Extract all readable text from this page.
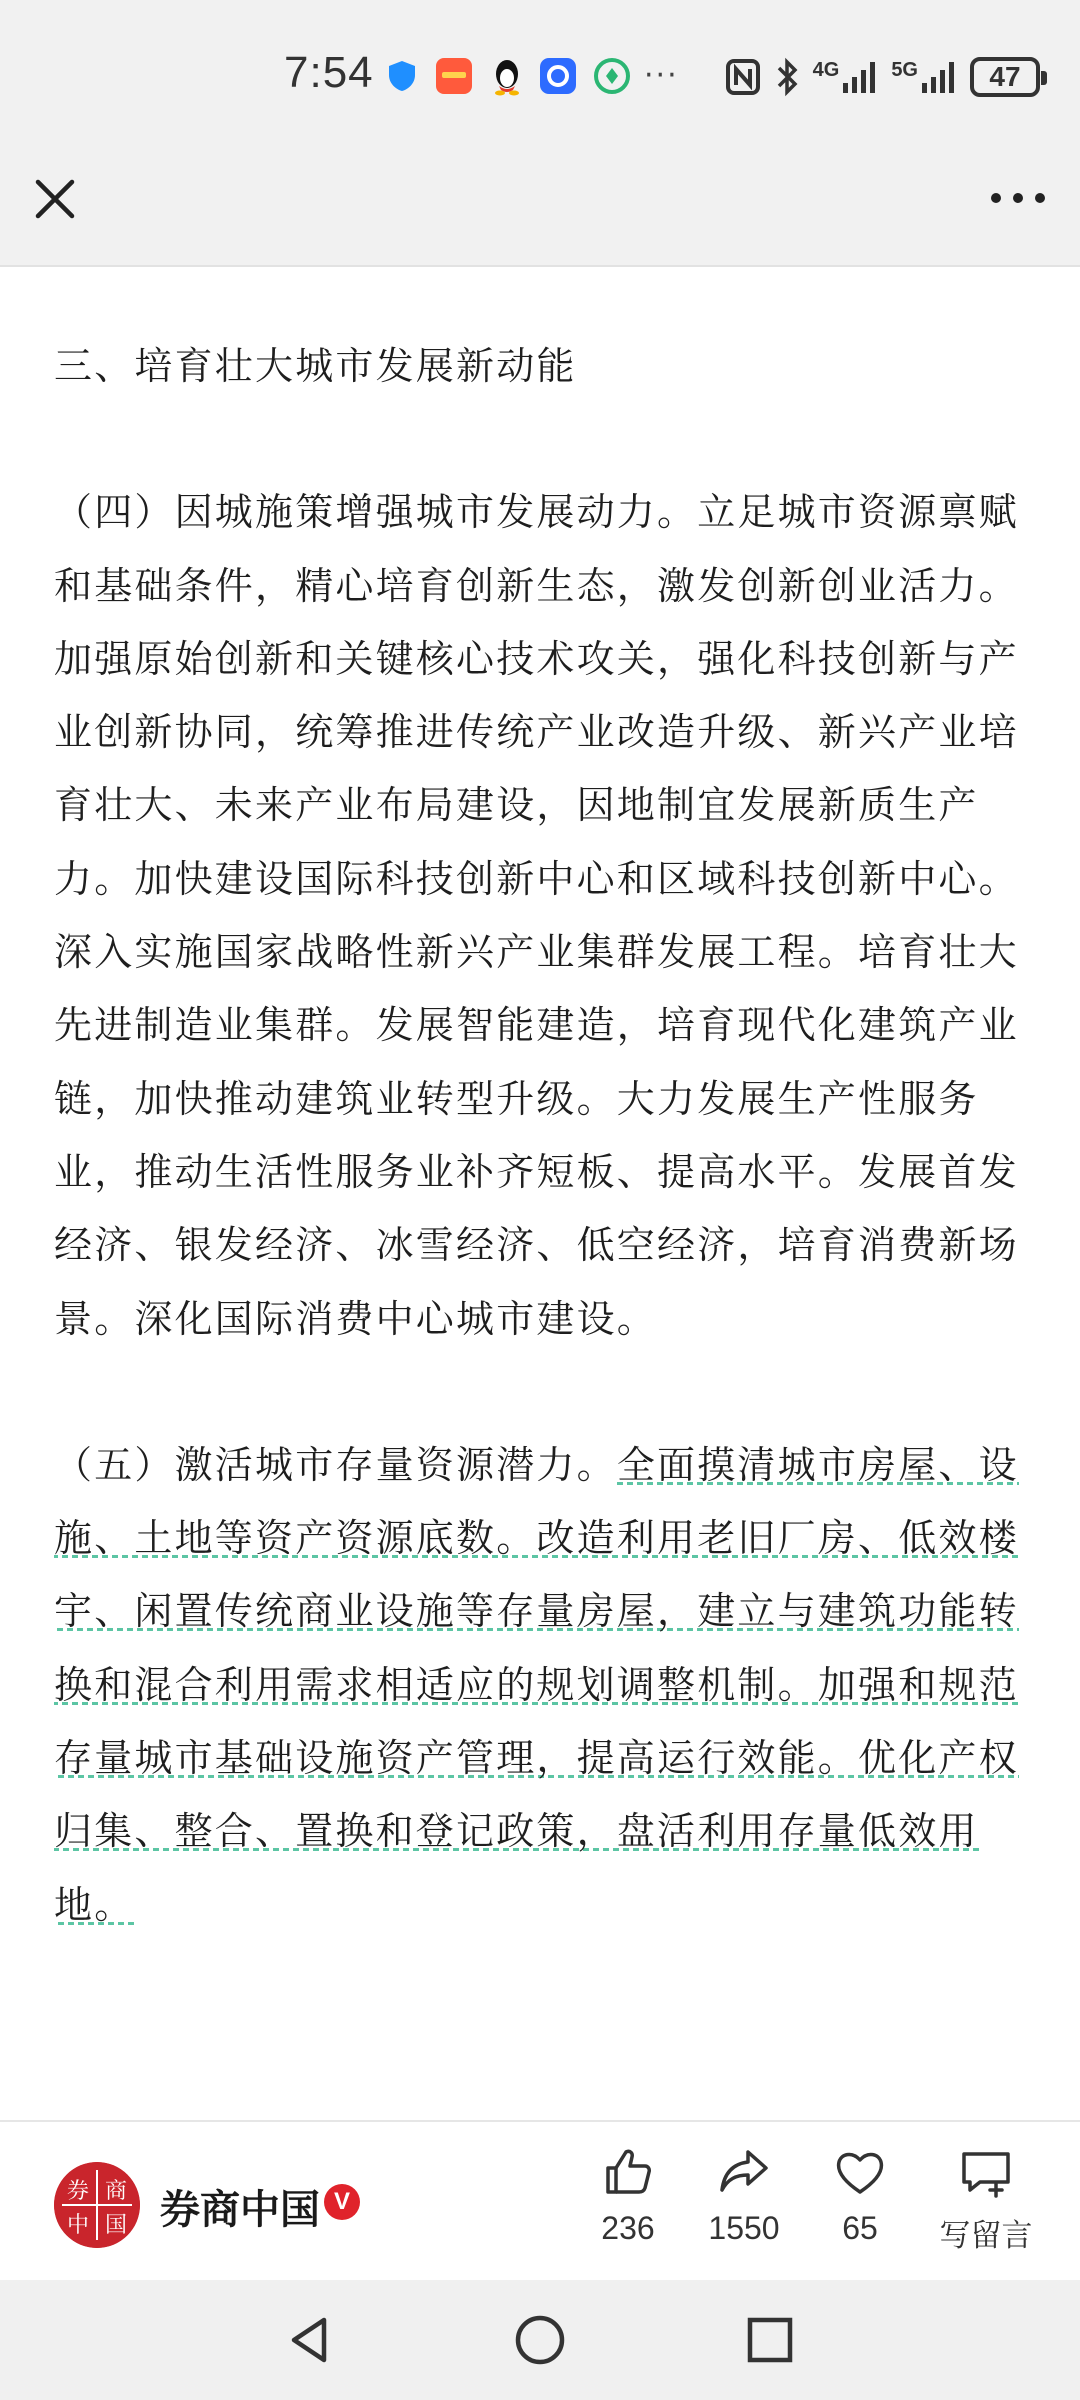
7:54	···	4G	5G	47

三、培育壮大城市发展新动能

（四）因城施策增强城市发展动力。立足城市资源禀赋和基础条件，精心培育创新生态，激发创新创业活力。加强原始创新和关键核心技术攻关，强化科技创新与产业创新协同，统筹推进传统产业改造升级、新兴产业培育壮大、未来产业布局建设，因地制宜发展新质生产力。加快建设国际科技创新中心和区域科技创新中心。深入实施国家战略性新兴产业集群发展工程。培育壮大先进制造业集群。发展智能建造，培育现代化建筑产业链，加快推动建筑业转型升级。大力发展生产性服务业，推动生活性服务业补齐短板、提高水平。发展首发经济、银发经济、冰雪经济、低空经济，培育消费新场景。深化国际消费中心城市建设。

（五）激活城市存量资源潜力。全面摸清城市房屋、设施、土地等资产资源底数。改造利用老旧厂房、低效楼宇、闲置传统商业设施等存量房屋，建立与建筑功能转换和混合利用需求相适应的规划调整机制。加强和规范存量城市基础设施资产管理，提高运行效能。优化产权归集、整合、置换和登记政策，盘活利用存量低效用地。

券 商
中 国 券商中国 V
236	1550	65	写留言
